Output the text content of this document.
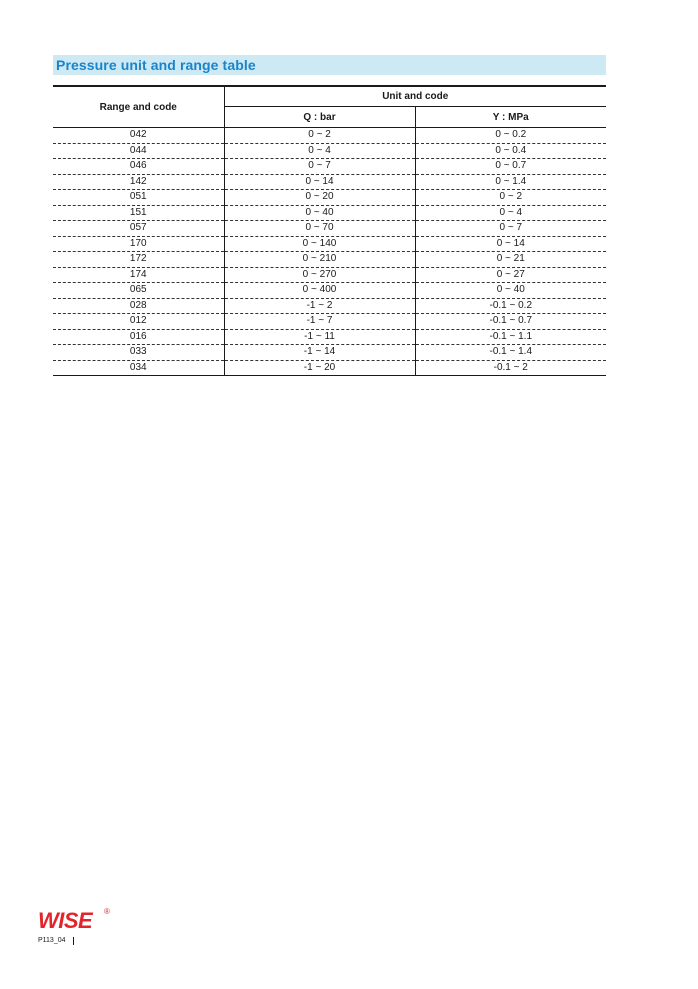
Pressure unit and range table
Range and code	Unit and code	
	Q : bar	Y : MPa
042	0 ~ 2	0 ~ 0.2
044	0 ~ 4	0 ~ 0.4
046	0 ~ 7	0 ~ 0.7
142	0 ~ 14	0 ~ 1.4
051	0 ~ 20	0 ~ 2
151	0 ~ 40	0 ~ 4
057	0 ~ 70	0 ~ 7
170	0 ~ 140	0 ~ 14
172	0 ~ 210	0 ~ 21
174	0 ~ 270	0 ~ 27
065	0 ~ 400	0 ~ 40
028	-1 ~ 2	-0.1 ~ 0.2
012	-1 ~ 7	-0.1 ~ 0.7
016	-1 ~ 11	-0.1 ~ 1.1
033	-1 ~ 14	-0.1 ~ 1.4
034	-1 ~ 20	-0.1 ~ 2
WISE ®
P113_04
